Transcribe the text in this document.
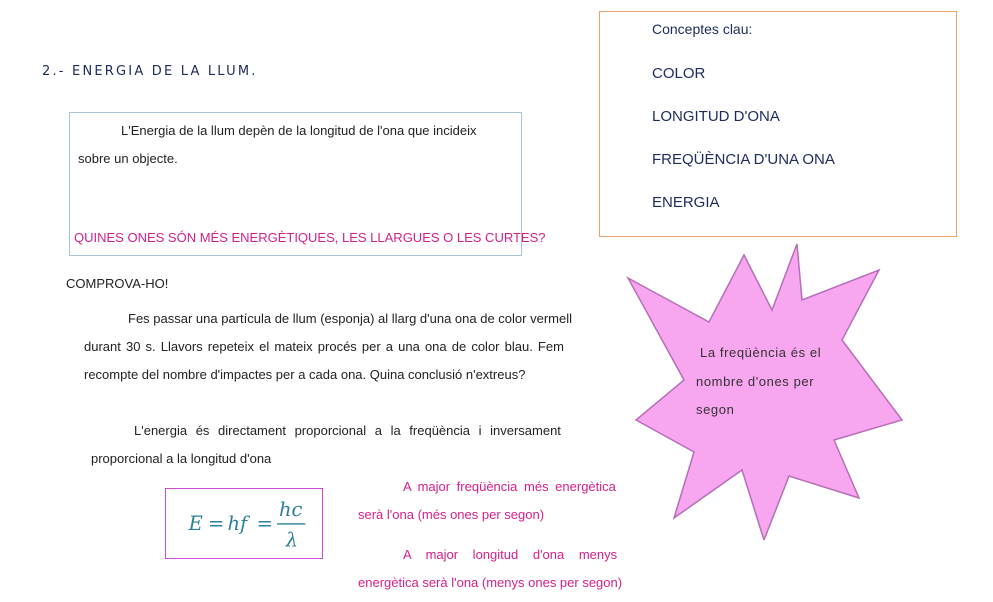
2.- ENERGIA DE LA LLUM.
L'Energia de la llum depèn de la longitud de l'ona que incideix
sobre un objecte.
QUINES ONES SÓN MÉS ENERGÈTIQUES, LES LLARGUES O LES CURTES?
Conceptes clau:
COLOR
LONGITUD D'ONA
FREQÜÈNCIA D'UNA ONA
ENERGIA
COMPROVA-HO!
Fes passar una partícula de llum (esponja) al llarg d'una ona de color vermell
durant 30 s. Llavors repeteix el mateix procés per a una ona de color blau. Fem
recompte del nombre d'impactes per a cada ona. Quina conclusió n'extreus?
L'energia és directament proporcional a la freqüència i inversament
proporcional a la longitud d'ona
E = hf =
hc
λ
A major freqüència més energètica
serà l'ona (més ones per segon)
A major longitud d'ona menys
energètica serà l'ona (menys ones per segon)
La freqüència és el
nombre d'ones per
segon
